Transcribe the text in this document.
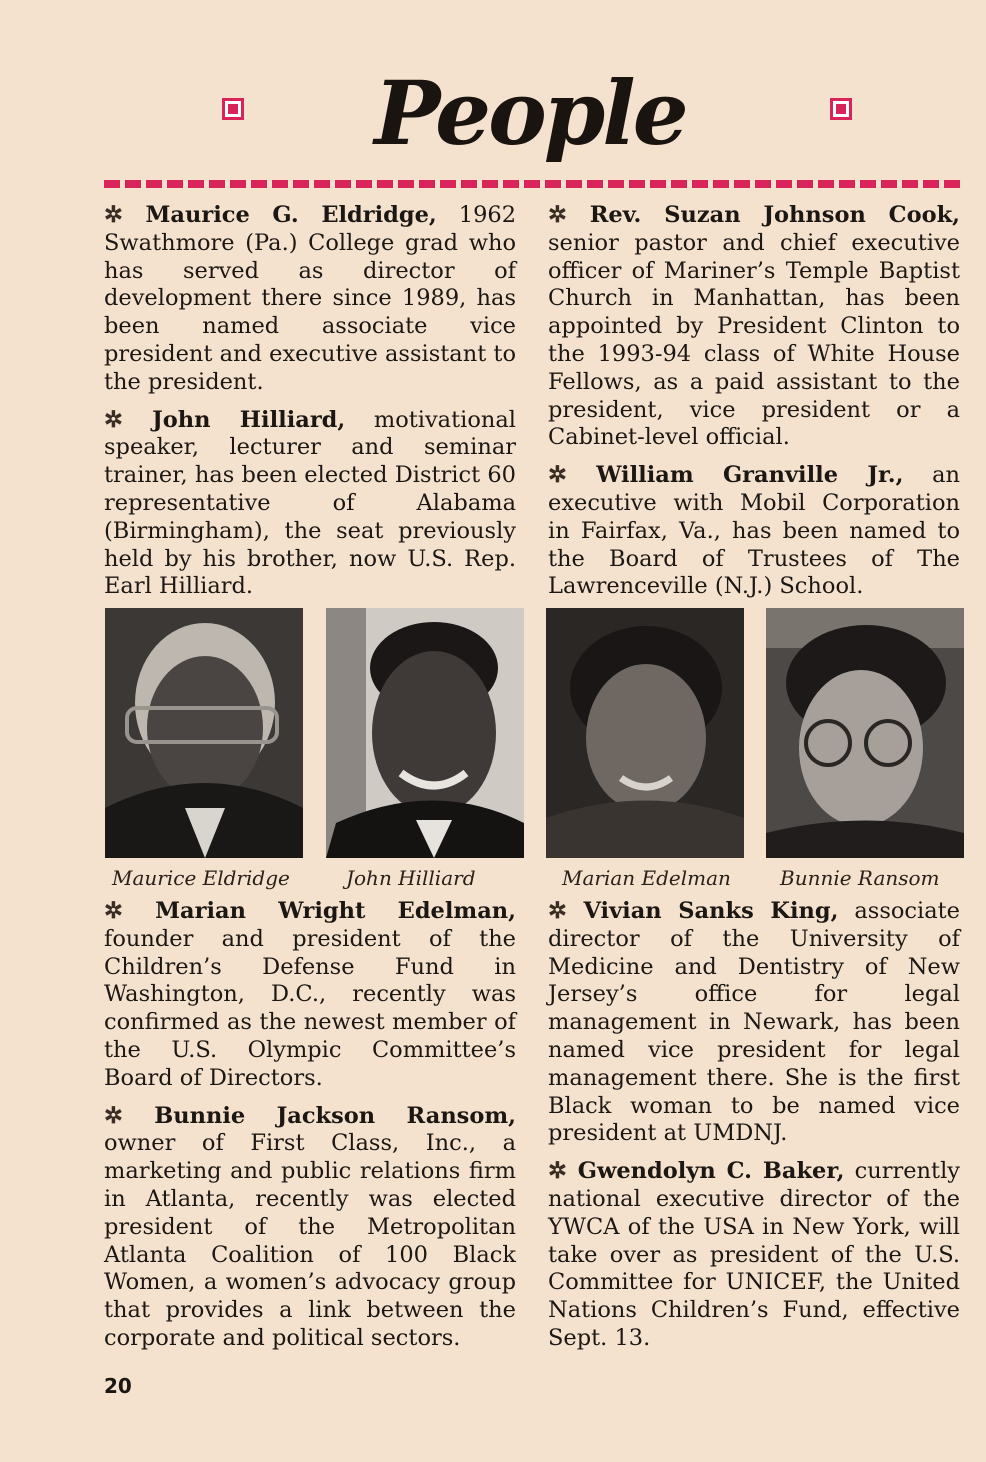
People

✲ Maurice G. Eldridge, 1962 Swathmore (Pa.) College grad who has served as director of development there since 1989, has been named associate vice president and executive assistant to the president.

✲ John Hilliard, motivational speaker, lecturer and seminar trainer, has been elected District 60 representative of Alabama (Birmingham), the seat previously held by his brother, now U.S. Rep. Earl Hilliard.

✲ Rev. Suzan Johnson Cook, senior pastor and chief executive officer of Mariner’s Temple Baptist Church in Manhattan, has been appointed by President Clinton to the 1993-94 class of White House Fellows, as a paid assistant to the president, vice president or a Cabinet-level official.

✲ William Granville Jr., an executive with Mobil Corporation in Fairfax, Va., has been named to the Board of Trustees of The Lawrenceville (N.J.) School.

Maurice Eldridge	John Hilliard	Marian Edelman Bunnie Ransom

✲ Marian Wright Edelman, founder and president of the Children’s Defense Fund in Washington, D.C., recently was confirmed as the newest member of the U.S. Olympic Committee’s Board of Directors.

✲ Bunnie Jackson Ransom, owner of First Class, Inc., a marketing and public relations firm in Atlanta, recently was elected president of the Metropolitan Atlanta Coalition of 100 Black Women, a women’s advocacy group that provides a link between the corporate and political sectors.

✲ Vivian Sanks King, associate director of the University of Medicine and Dentistry of New Jersey’s office for legal management in Newark, has been named vice president for legal management there. She is the first Black woman to be named vice president at UMDNJ.

✲ Gwendolyn C. Baker, currently national executive director of the YWCA of the USA in New York, will take over as president of the U.S. Committee for UNICEF, the United Nations Children’s Fund, effective Sept. 13.

20
